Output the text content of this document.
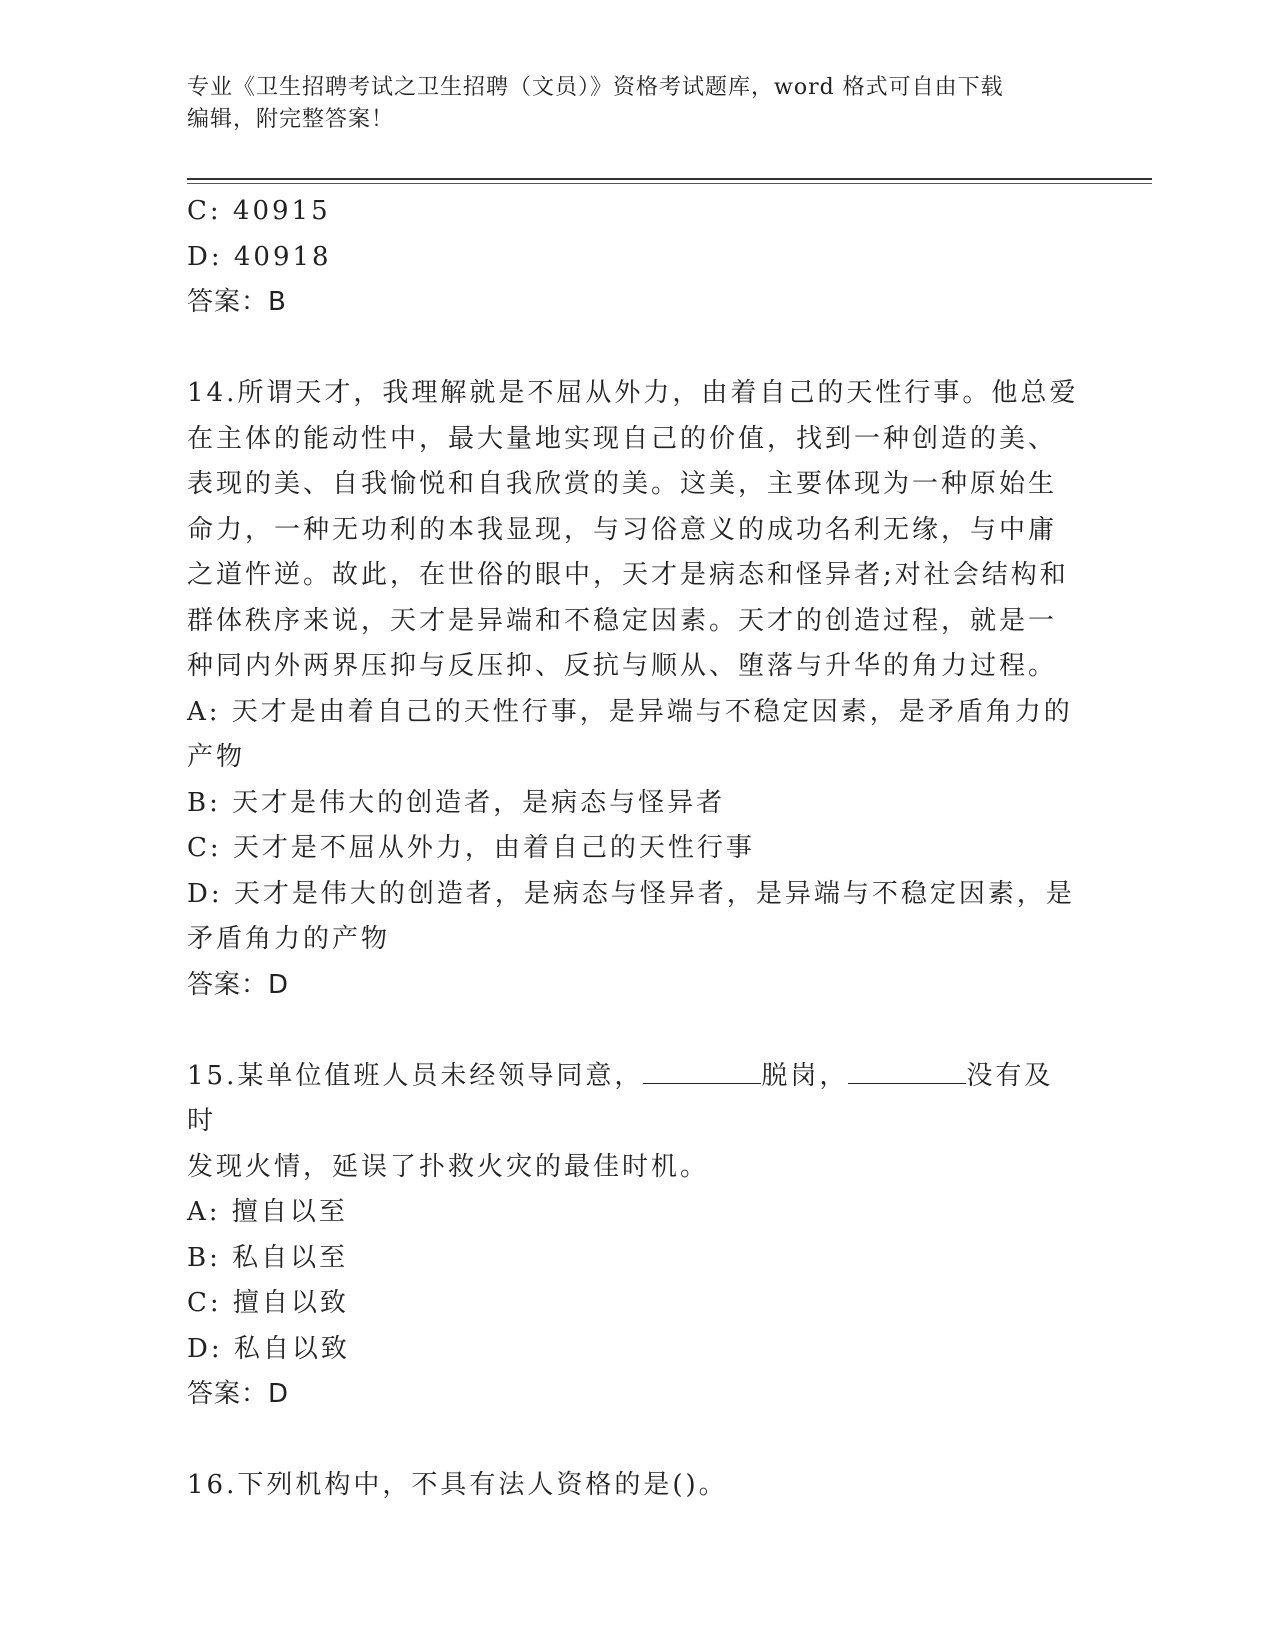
专业《卫生招聘考试之卫生招聘（文员）》资格考试题库，word 格式可自由下载
编辑，附完整答案！

C: 40915

D: 40918

答案：B

14.所谓天才，我理解就是不屈从外力，由着自己的天性行事。他总爱

在主体的能动性中，最大量地实现自己的价值，找到一种创造的美、

表现的美、自我愉悦和自我欣赏的美。这美，主要体现为一种原始生

命力，一种无功利的本我显现，与习俗意义的成功名利无缘，与中庸

之道忤逆。故此，在世俗的眼中，天才是病态和怪异者;对社会结构和

群体秩序来说，天才是异端和不稳定因素。天才的创造过程，就是一

种同内外两界压抑与反压抑、反抗与顺从、堕落与升华的角力过程。

A: 天才是由着自己的天性行事，是异端与不稳定因素，是矛盾角力的

产物

B: 天才是伟大的创造者，是病态与怪异者

C: 天才是不屈从外力，由着自己的天性行事

D: 天才是伟大的创造者，是病态与怪异者，是异端与不稳定因素，是

矛盾角力的产物

答案：D

15.某单位值班人员未经领导同意，	脱岗，	没有及时

发现火情，延误了扑救火灾的最佳时机。

A: 擅自以至

B: 私自以至

C: 擅自以致

D: 私自以致

答案：D

16.下列机构中，不具有法人资格的是()。
